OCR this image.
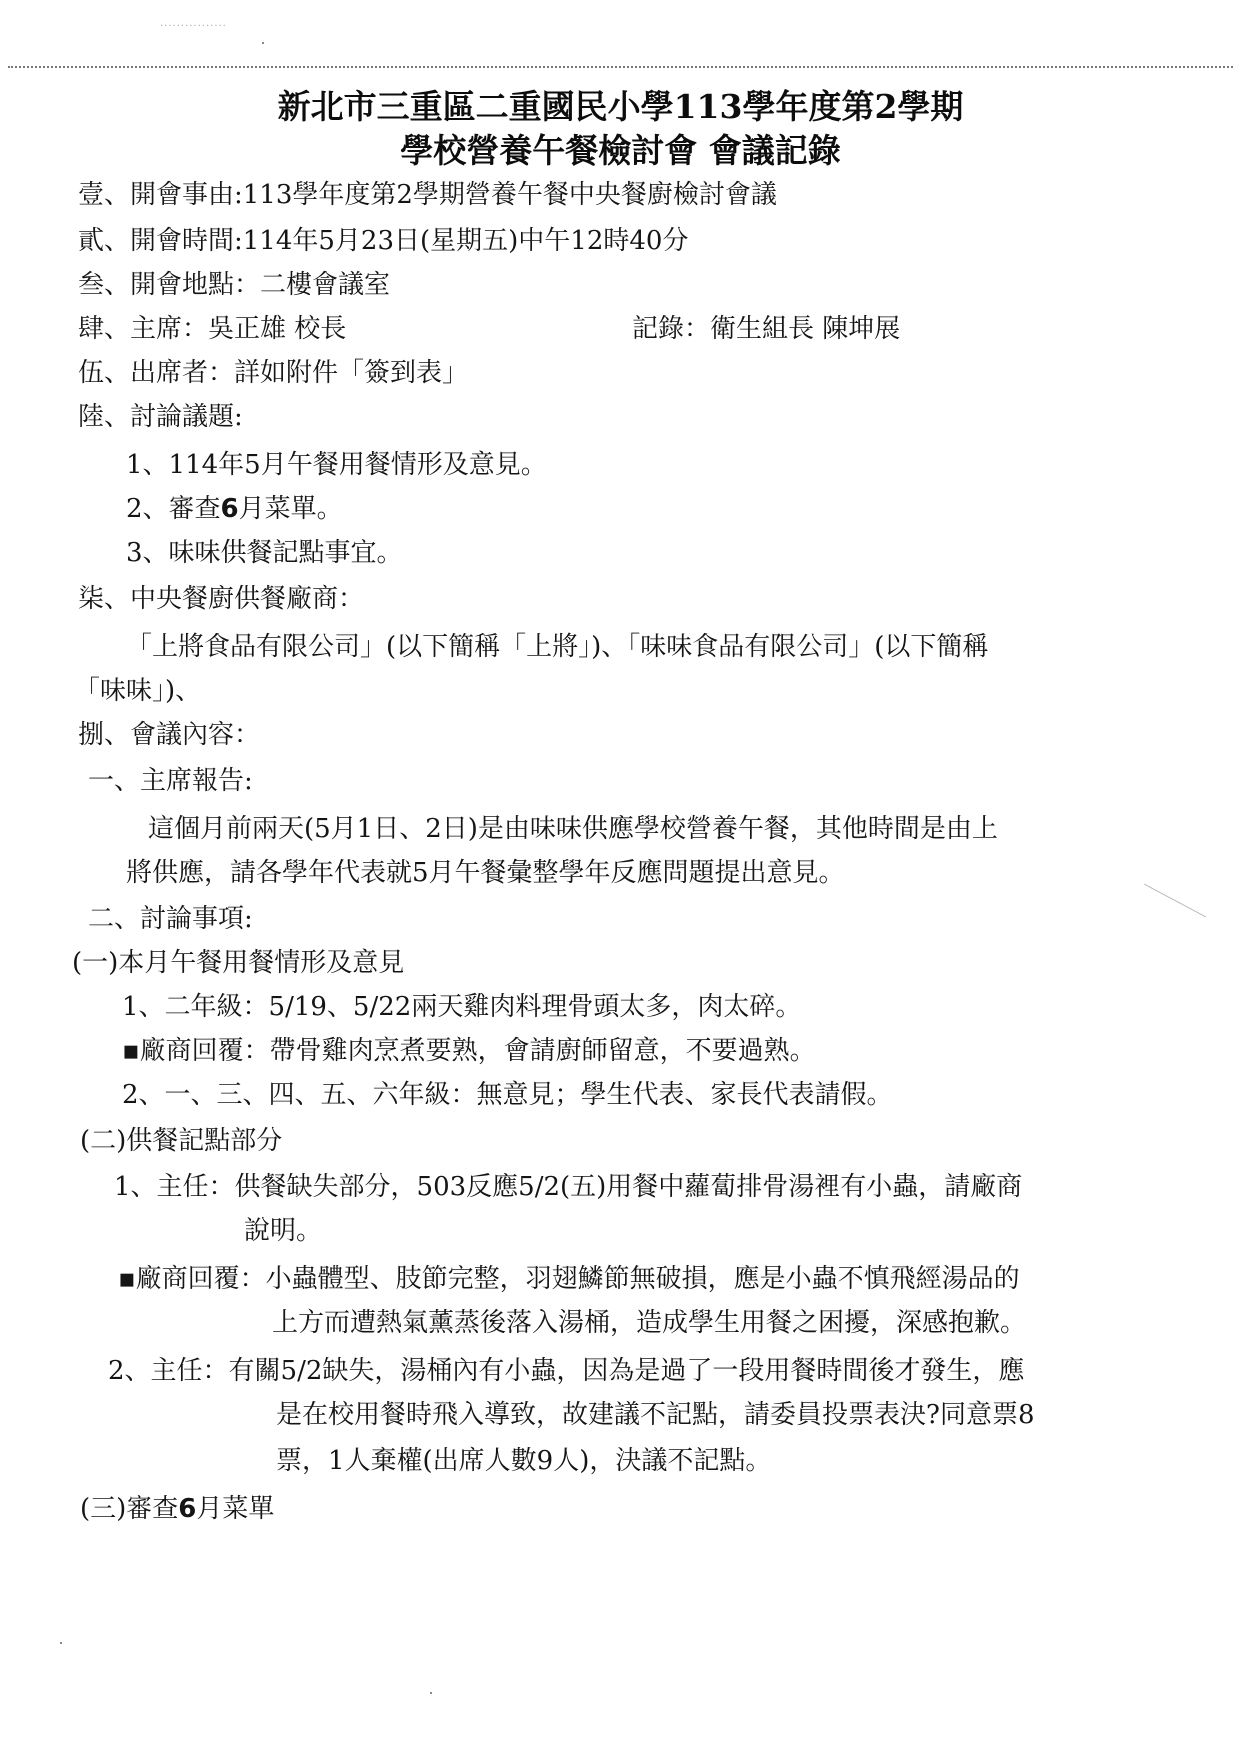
................
新北市三重區二重國民小學113學年度第2學期
學校營養午餐檢討會 會議記錄
壹、開會事由:113學年度第2學期營養午餐中央餐廚檢討會議
貳、開會時間:114年5月23日(星期五)中午12時40分
叁、開會地點：二樓會議室
肆、主席：吳正雄 校長	記錄：衛生組長 陳坤展
伍、出席者：詳如附件「簽到表」
陸、討論議題:
1、114年5月午餐用餐情形及意見。
2、審查6月菜單。
3、味味供餐記點事宜。
柒、中央餐廚供餐廠商：
「上將食品有限公司」(以下簡稱「上將」)、「味味食品有限公司」(以下簡稱
「味味」)、
捌、會議內容：
一、主席報告:
這個月前兩天(5月1日、2日)是由味味供應學校營養午餐，其他時間是由上
將供應，請各學年代表就5月午餐彙整學年反應問題提出意見。
二、討論事項:
(一)本月午餐用餐情形及意見
1、二年級：5/19、5/22兩天雞肉料理骨頭太多，肉太碎。
▪廠商回覆：帶骨雞肉烹煮要熟，會請廚師留意，不要過熟。
2、一、三、四、五、六年級：無意見；學生代表、家長代表請假。
(二)供餐記點部分
1、主任：供餐缺失部分，503反應5/2(五)用餐中蘿蔔排骨湯裡有小蟲，請廠商
說明。
▪廠商回覆：小蟲體型、肢節完整，羽翅鱗節無破損，應是小蟲不慎飛經湯品的
上方而遭熱氣薰蒸後落入湯桶，造成學生用餐之困擾，深感抱歉。
2、主任：有關5/2缺失，湯桶內有小蟲，因為是過了一段用餐時間後才發生，應
是在校用餐時飛入導致，故建議不記點，請委員投票表決?同意票8
票，1人棄權(出席人數9人)，決議不記點。
(三)審查6月菜單
